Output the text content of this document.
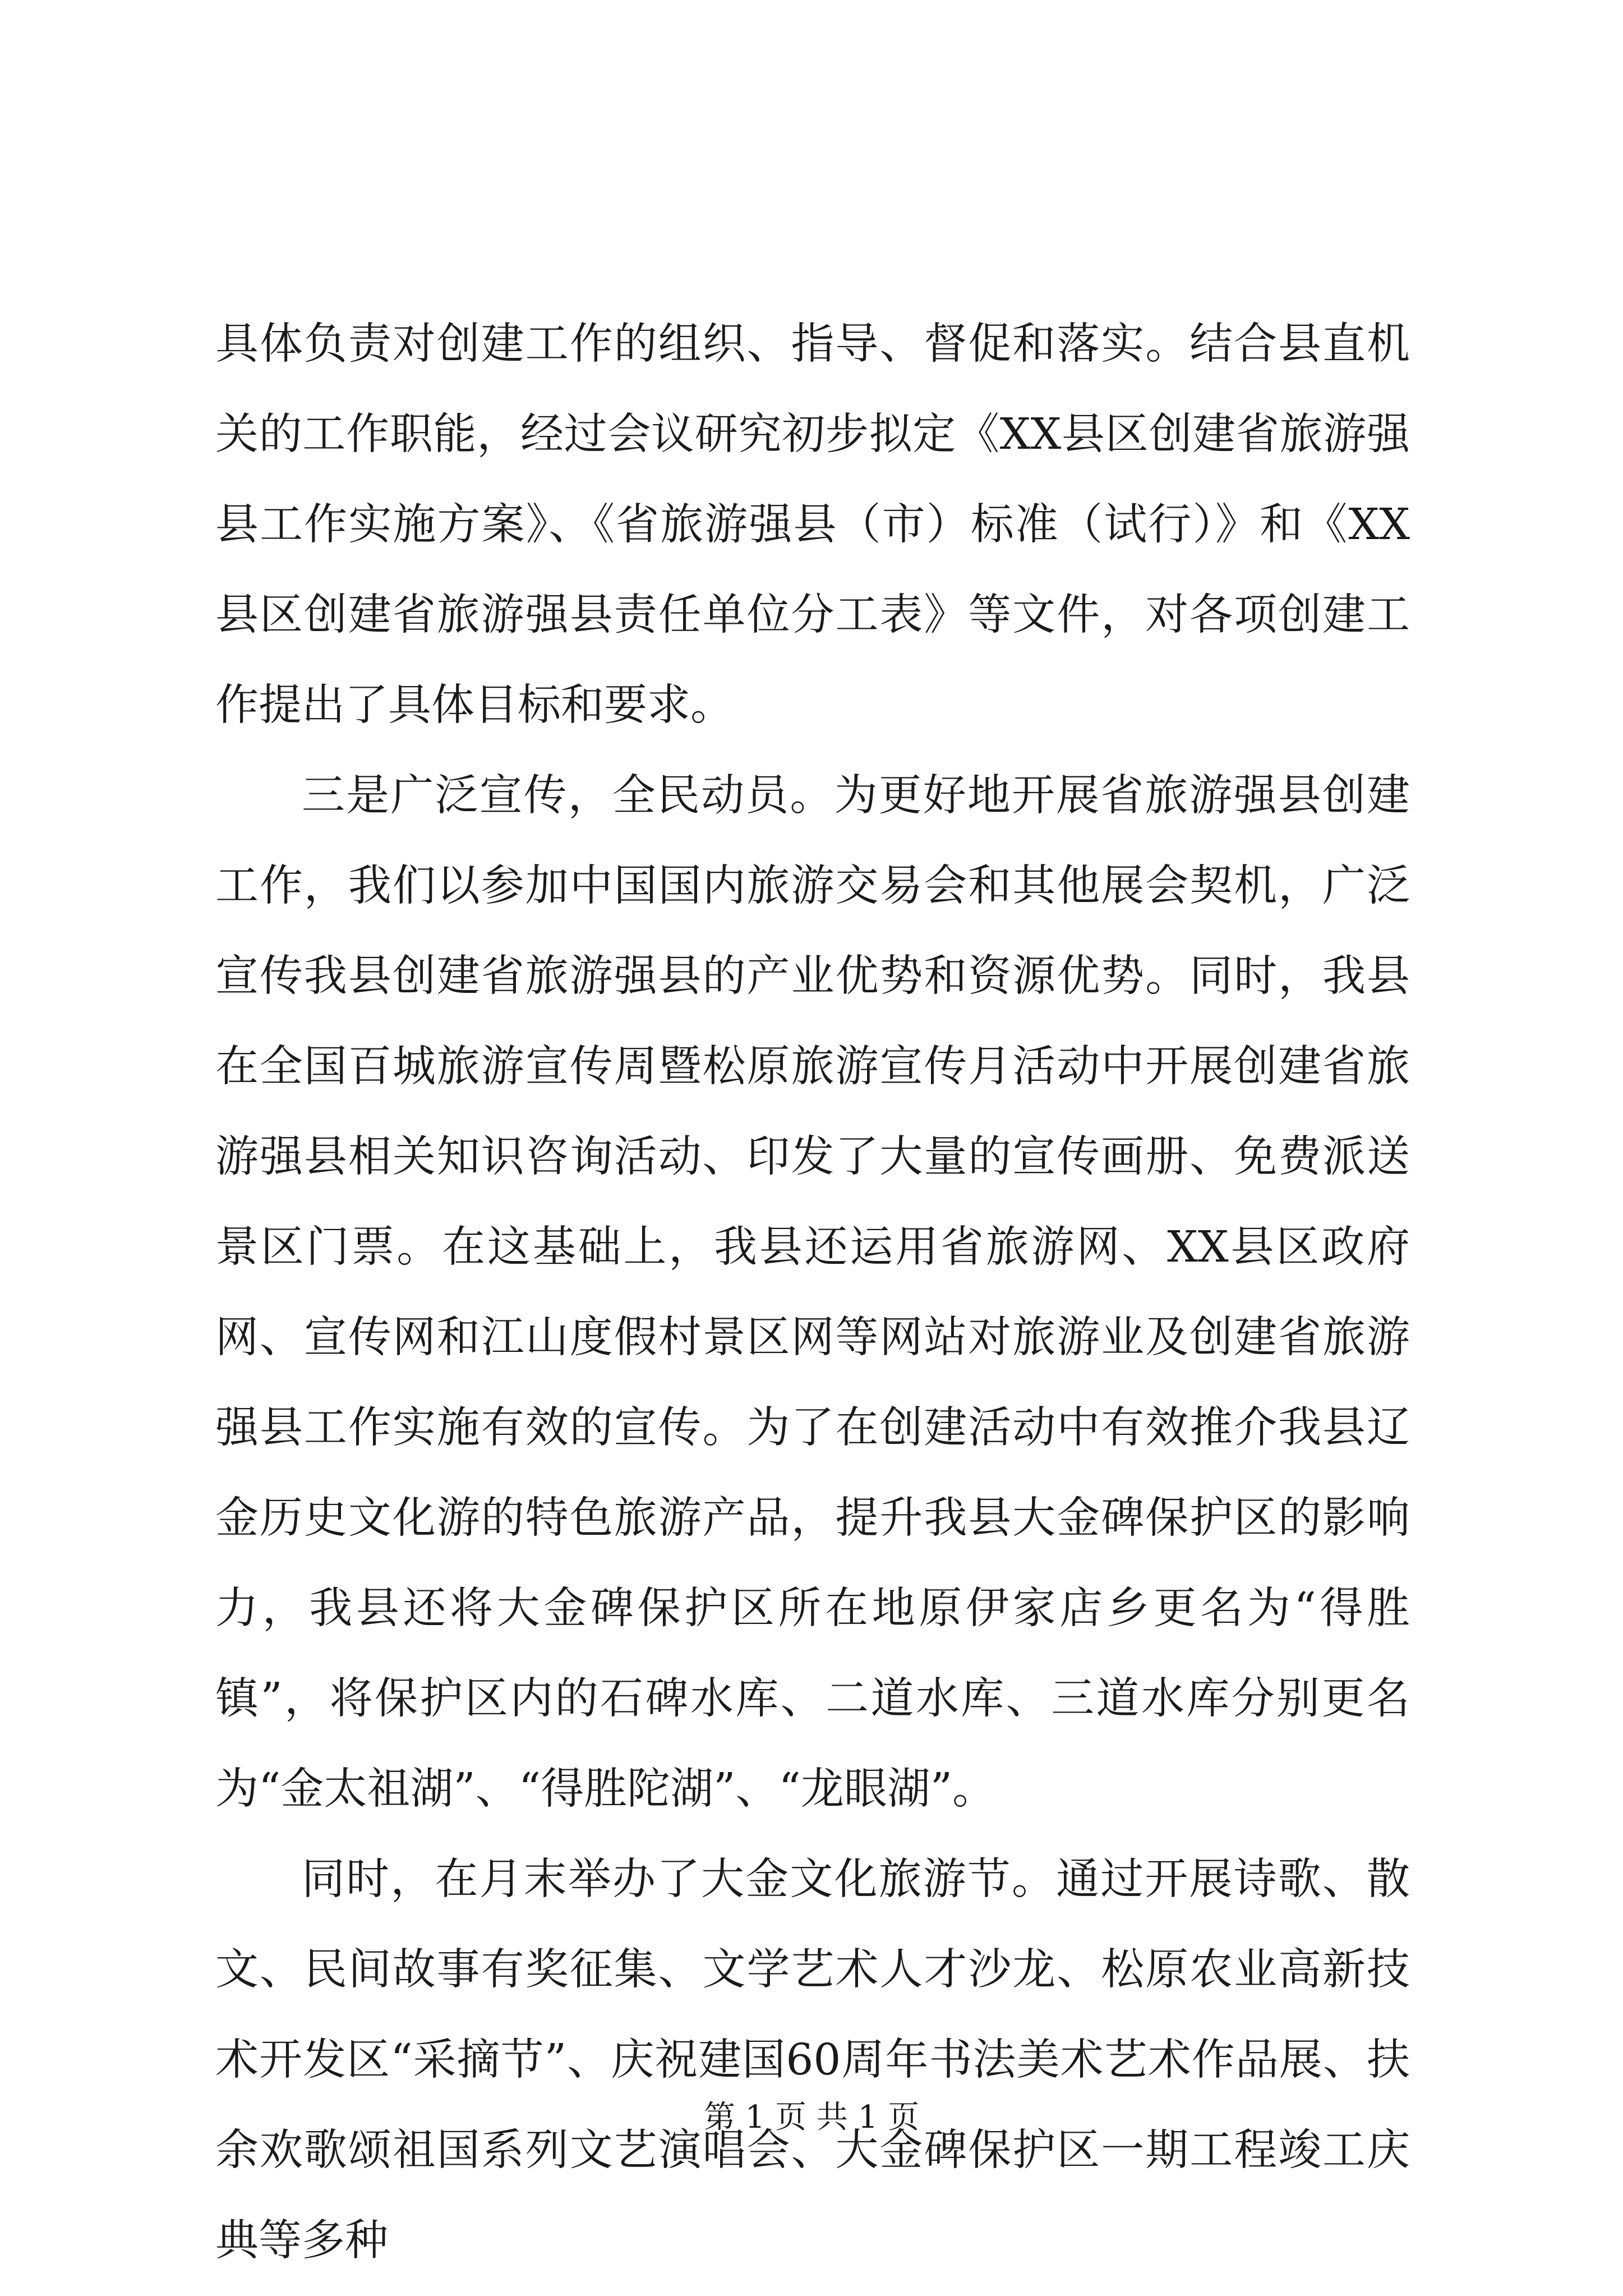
具体负责对创建工作的组织、指导、督促和落实。结合县直机关的工作职能，经过会议研究初步拟定《XX县区创建省旅游强县工作实施方案》、《省旅游强县（市）标准（试行）》和《XX县区创建省旅游强县责任单位分工表》等文件，对各项创建工作提出了具体目标和要求。

三是广泛宣传，全民动员。为更好地开展省旅游强县创建工作，我们以参加中国国内旅游交易会和其他展会契机，广泛宣传我县创建省旅游强县的产业优势和资源优势。同时，我县在全国百城旅游宣传周暨松原旅游宣传月活动中开展创建省旅游强县相关知识咨询活动、印发了大量的宣传画册、免费派送景区门票。在这基础上，我县还运用省旅游网、XX县区政府网、宣传网和江山度假村景区网等网站对旅游业及创建省旅游强县工作实施有效的宣传。为了在创建活动中有效推介我县辽金历史文化游的特色旅游产品，提升我县大金碑保护区的影响力，我县还将大金碑保护区所在地原伊家店乡更名为“得胜镇”，将保护区内的石碑水库、二道水库、三道水库分别更名为“金太祖湖”、“得胜陀湖”、“龙眼湖”。

同时，在月末举办了大金文化旅游节。通过开展诗歌、散文、民间故事有奖征集、文学艺术人才沙龙、松原农业高新技术开发区“采摘节”、庆祝建国60周年书法美术艺术作品展、扶余欢歌颂祖国系列文艺演唱会、大金碑保护区一期工程竣工庆典等多种

第 1 页 共 1 页
